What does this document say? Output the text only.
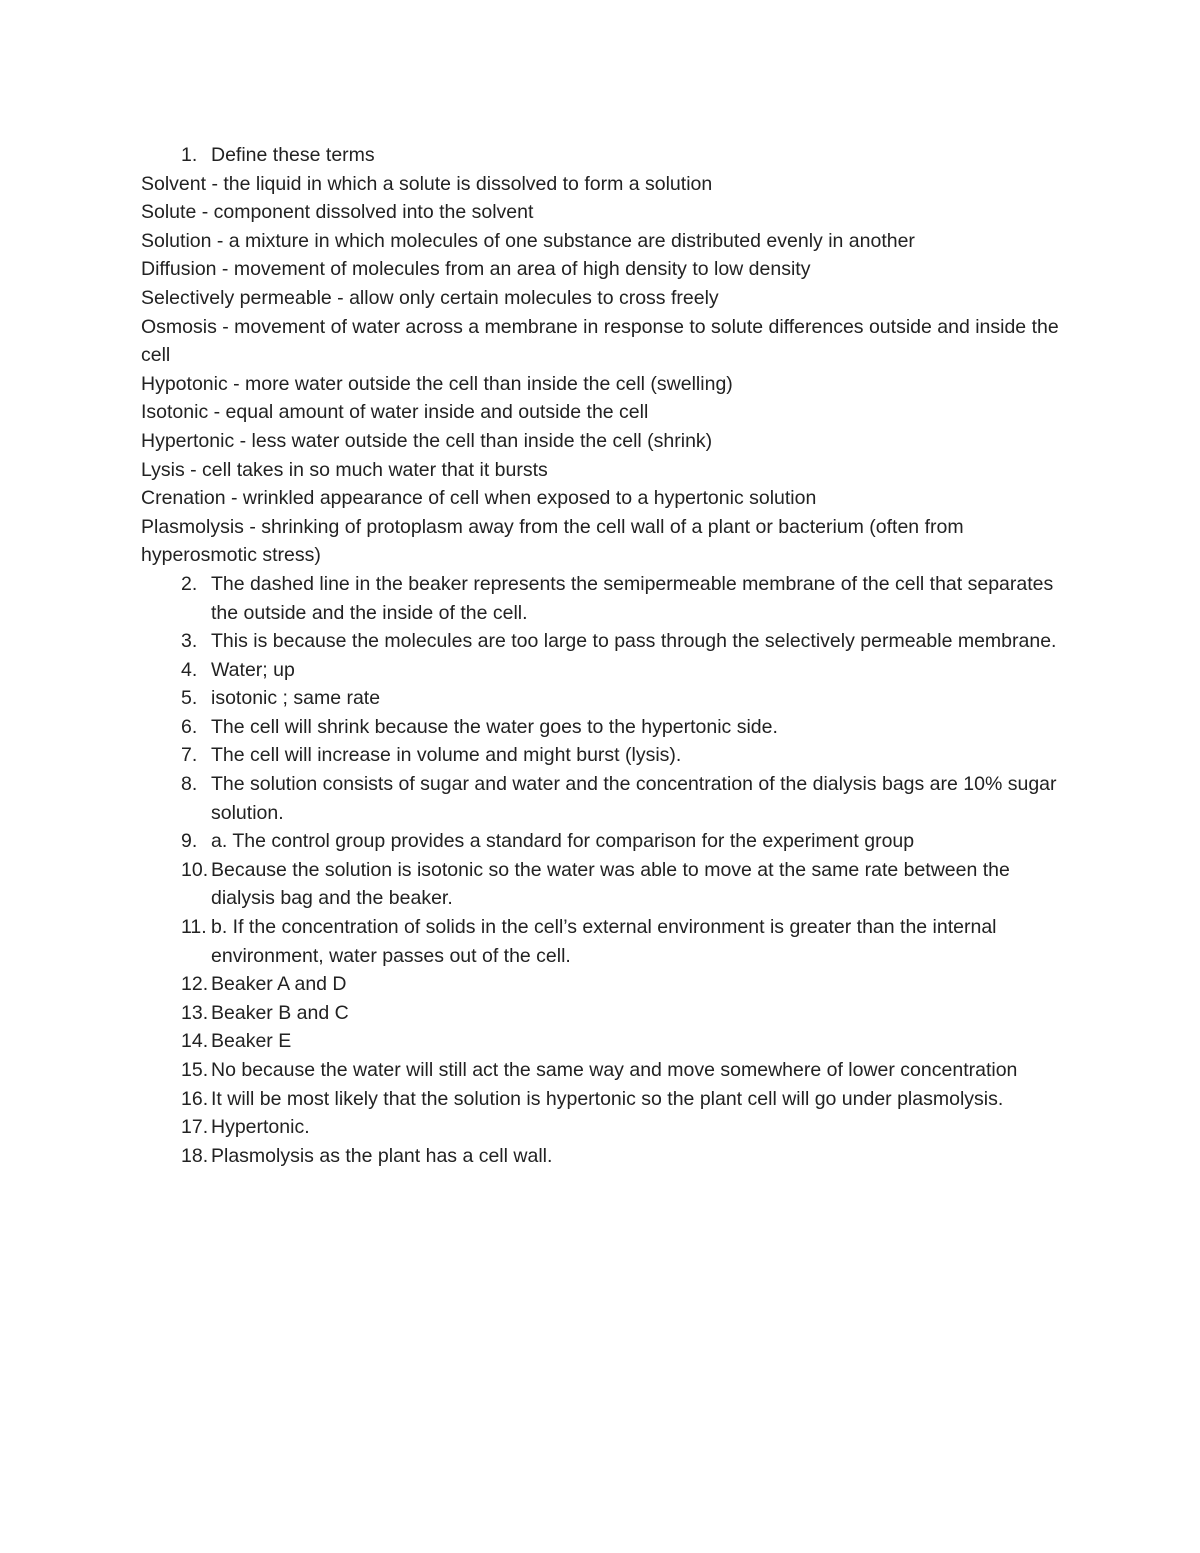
1. Define these terms
Solvent - the liquid in which a solute is dissolved to form a solution
Solute - component dissolved into the solvent
Solution - a mixture in which molecules of one substance are distributed evenly in another
Diffusion - movement of molecules from an area of high density to low density
Selectively permeable - allow only certain molecules to cross freely
Osmosis - movement of water across a membrane in response to solute differences outside and inside the cell
Hypotonic - more water outside the cell than inside the cell (swelling)
Isotonic - equal amount of water inside and outside the cell
Hypertonic - less water outside the cell than inside the cell (shrink)
Lysis - cell takes in so much water that it bursts
Crenation - wrinkled appearance of cell when exposed to a hypertonic solution
Plasmolysis - shrinking of protoplasm away from the cell wall of a plant or bacterium (often from hyperosmotic stress)
2. The dashed line in the beaker represents the semipermeable membrane of the cell that separates the outside and the inside of the cell.
3. This is because the molecules are too large to pass through the selectively permeable membrane.
4. Water; up
5. isotonic ; same rate
6. The cell will shrink because the water goes to the hypertonic side.
7. The cell will increase in volume and might burst (lysis).
8. The solution consists of sugar and water and the concentration of the dialysis bags are 10% sugar solution.
9. a. The control group provides a standard for comparison for the experiment group
10. Because the solution is isotonic so the water was able to move at the same rate between the dialysis bag and the beaker.
11. b. If the concentration of solids in the cell’s external environment is greater than the internal environment, water passes out of the cell.
12. Beaker A and D
13. Beaker B and C
14. Beaker E
15. No because the water will still act the same way and move somewhere of lower concentration
16. It will be most likely that the solution is hypertonic so the plant cell will go under plasmolysis.
17. Hypertonic.
18. Plasmolysis as the plant has a cell wall.
